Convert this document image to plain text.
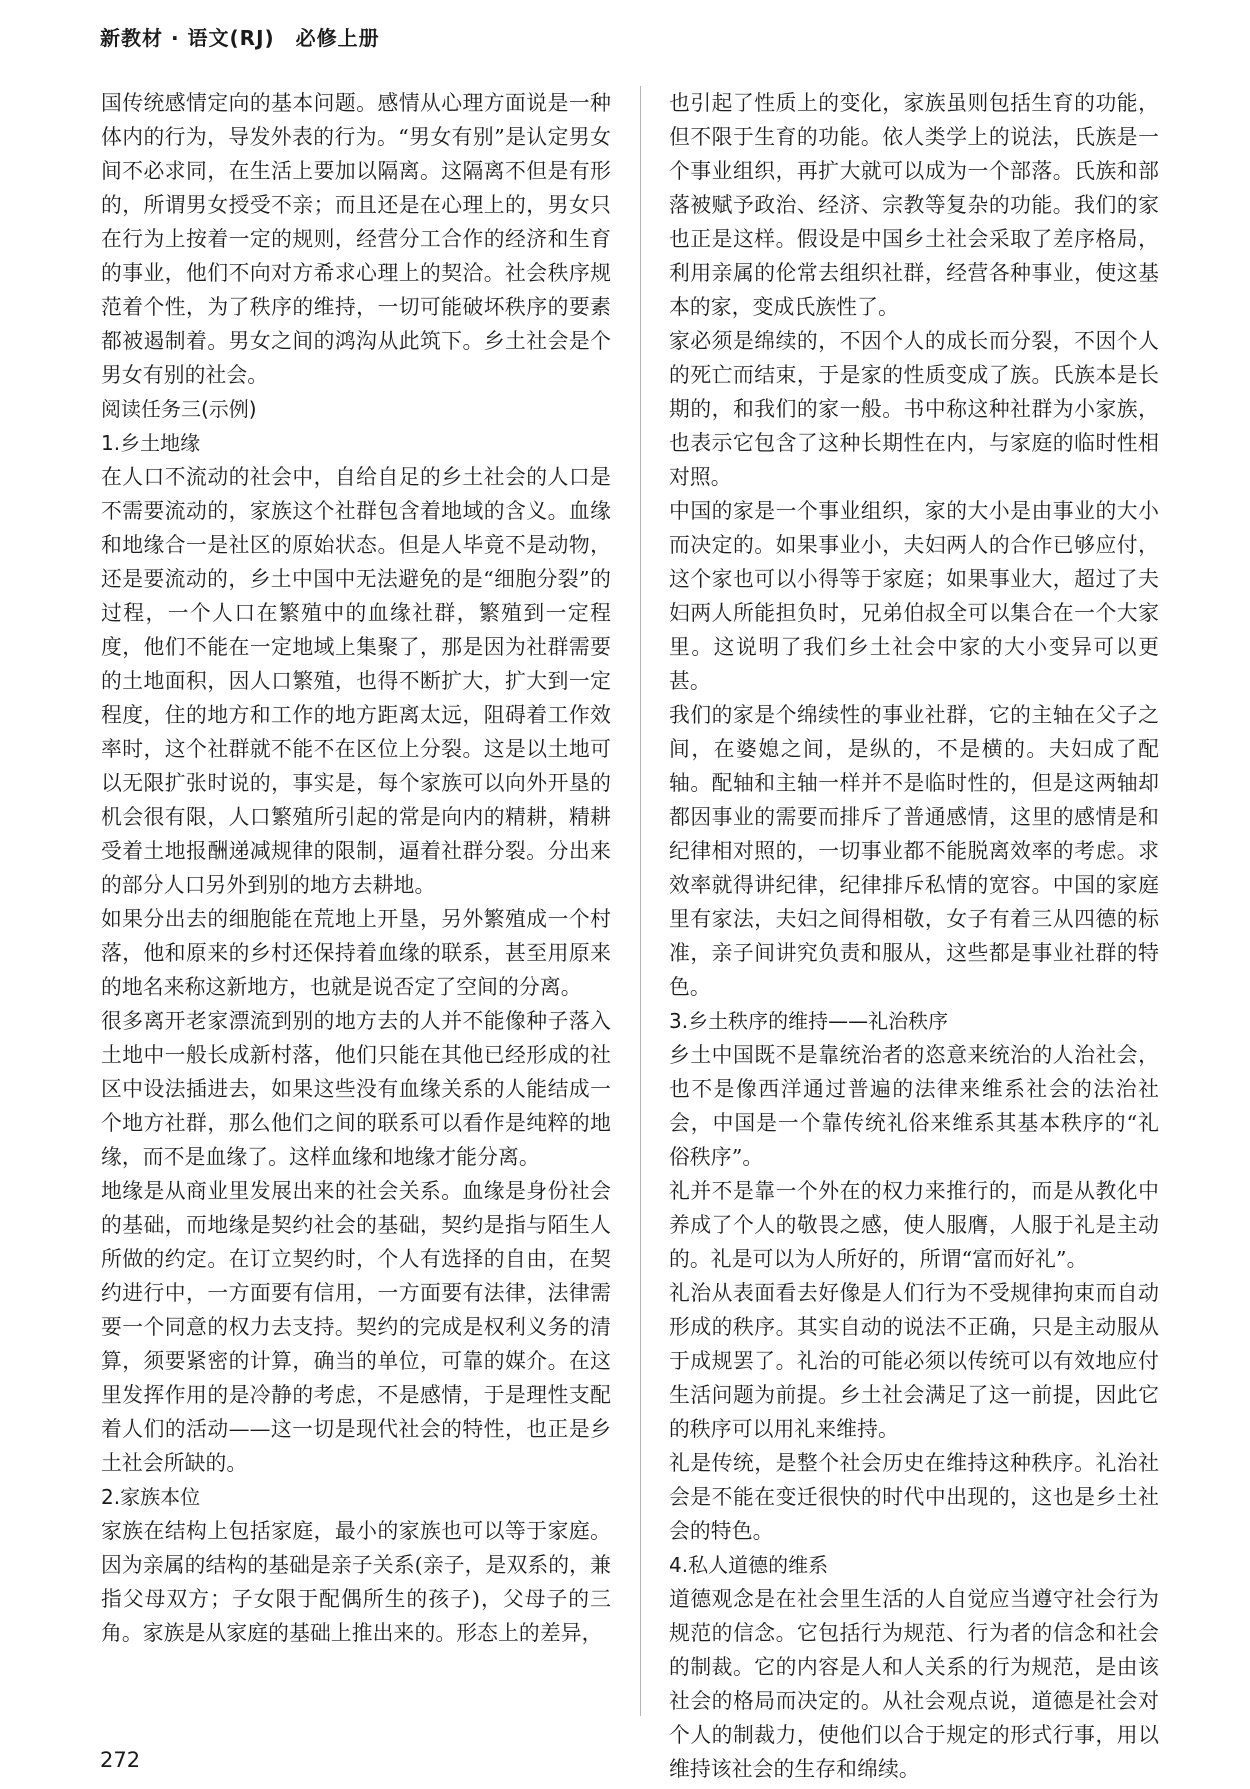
新教材 · 语文(RJ)　必修上册

国传统感情定向的基本问题。感情从心理方面说是一种体内的行为，导发外表的行为。“男女有别”是认定男女间不必求同，在生活上要加以隔离。这隔离不但是有形的，所谓男女授受不亲；而且还是在心理上的，男女只在行为上按着一定的规则，经营分工合作的经济和生育的事业，他们不向对方希求心理上的契洽。社会秩序规范着个性，为了秩序的维持，一切可能破坏秩序的要素都被遏制着。男女之间的鸿沟从此筑下。乡土社会是个男女有别的社会。

阅读任务三(示例)
1.乡土地缘

在人口不流动的社会中，自给自足的乡土社会的人口是不需要流动的，家族这个社群包含着地域的含义。血缘和地缘合一是社区的原始状态。但是人毕竟不是动物，还是要流动的，乡土中国中无法避免的是“细胞分裂”的过程，一个人口在繁殖中的血缘社群，繁殖到一定程度，他们不能在一定地域上集聚了，那是因为社群需要的土地面积，因人口繁殖，也得不断扩大，扩大到一定程度，住的地方和工作的地方距离太远，阻碍着工作效率时，这个社群就不能不在区位上分裂。这是以土地可以无限扩张时说的，事实是，每个家族可以向外开垦的机会很有限，人口繁殖所引起的常是向内的精耕，精耕受着土地报酬递减规律的限制，逼着社群分裂。分出来的部分人口另外到别的地方去耕地。

如果分出去的细胞能在荒地上开垦，另外繁殖成一个村落，他和原来的乡村还保持着血缘的联系，甚至用原来的地名来称这新地方，也就是说否定了空间的分离。

很多离开老家漂流到别的地方去的人并不能像种子落入土地中一般长成新村落，他们只能在其他已经形成的社区中设法插进去，如果这些没有血缘关系的人能结成一个地方社群，那么他们之间的联系可以看作是纯粹的地缘，而不是血缘了。这样血缘和地缘才能分离。

地缘是从商业里发展出来的社会关系。血缘是身份社会的基础，而地缘是契约社会的基础，契约是指与陌生人所做的约定。在订立契约时，个人有选择的自由，在契约进行中，一方面要有信用，一方面要有法律，法律需要一个同意的权力去支持。契约的完成是权利义务的清算，须要紧密的计算，确当的单位，可靠的媒介。在这里发挥作用的是冷静的考虑，不是感情，于是理性支配着人们的活动——这一切是现代社会的特性，也正是乡土社会所缺的。

2.家族本位

家族在结构上包括家庭，最小的家族也可以等于家庭。因为亲属的结构的基础是亲子关系(亲子，是双系的，兼指父母双方；子女限于配偶所生的孩子)，父母子的三角。家族是从家庭的基础上推出来的。形态上的差异，

也引起了性质上的变化，家族虽则包括生育的功能，但不限于生育的功能。依人类学上的说法，氏族是一个事业组织，再扩大就可以成为一个部落。氏族和部落被赋予政治、经济、宗教等复杂的功能。我们的家也正是这样。假设是中国乡土社会采取了差序格局，利用亲属的伦常去组织社群，经营各种事业，使这基本的家，变成氏族性了。

家必须是绵续的，不因个人的成长而分裂，不因个人的死亡而结束，于是家的性质变成了族。氏族本是长期的，和我们的家一般。书中称这种社群为小家族，也表示它包含了这种长期性在内，与家庭的临时性相对照。

中国的家是一个事业组织，家的大小是由事业的大小而决定的。如果事业小，夫妇两人的合作已够应付，这个家也可以小得等于家庭；如果事业大，超过了夫妇两人所能担负时，兄弟伯叔全可以集合在一个大家里。这说明了我们乡土社会中家的大小变异可以更甚。

我们的家是个绵续性的事业社群，它的主轴在父子之间，在婆媳之间，是纵的，不是横的。夫妇成了配轴。配轴和主轴一样并不是临时性的，但是这两轴却都因事业的需要而排斥了普通感情，这里的感情是和纪律相对照的，一切事业都不能脱离效率的考虑。求效率就得讲纪律，纪律排斥私情的宽容。中国的家庭里有家法，夫妇之间得相敬，女子有着三从四德的标准，亲子间讲究负责和服从，这些都是事业社群的特色。

3.乡土秩序的维持——礼治秩序

乡土中国既不是靠统治者的恣意来统治的人治社会，也不是像西洋通过普遍的法律来维系社会的法治社会，中国是一个靠传统礼俗来维系其基本秩序的“礼俗秩序”。

礼并不是靠一个外在的权力来推行的，而是从教化中养成了个人的敬畏之感，使人服膺，人服于礼是主动的。礼是可以为人所好的，所谓“富而好礼”。

礼治从表面看去好像是人们行为不受规律拘束而自动形成的秩序。其实自动的说法不正确，只是主动服从于成规罢了。礼治的可能必须以传统可以有效地应付生活问题为前提。乡土社会满足了这一前提，因此它的秩序可以用礼来维持。

礼是传统，是整个社会历史在维持这种秩序。礼治社会是不能在变迁很快的时代中出现的，这也是乡土社会的特色。

4.私人道德的维系

道德观念是在社会里生活的人自觉应当遵守社会行为规范的信念。它包括行为规范、行为者的信念和社会的制裁。它的内容是人和人关系的行为规范，是由该社会的格局而决定的。从社会观点说，道德是社会对个人的制裁力，使他们以合于规定的形式行事，用以维持该社会的生存和绵续。

272
